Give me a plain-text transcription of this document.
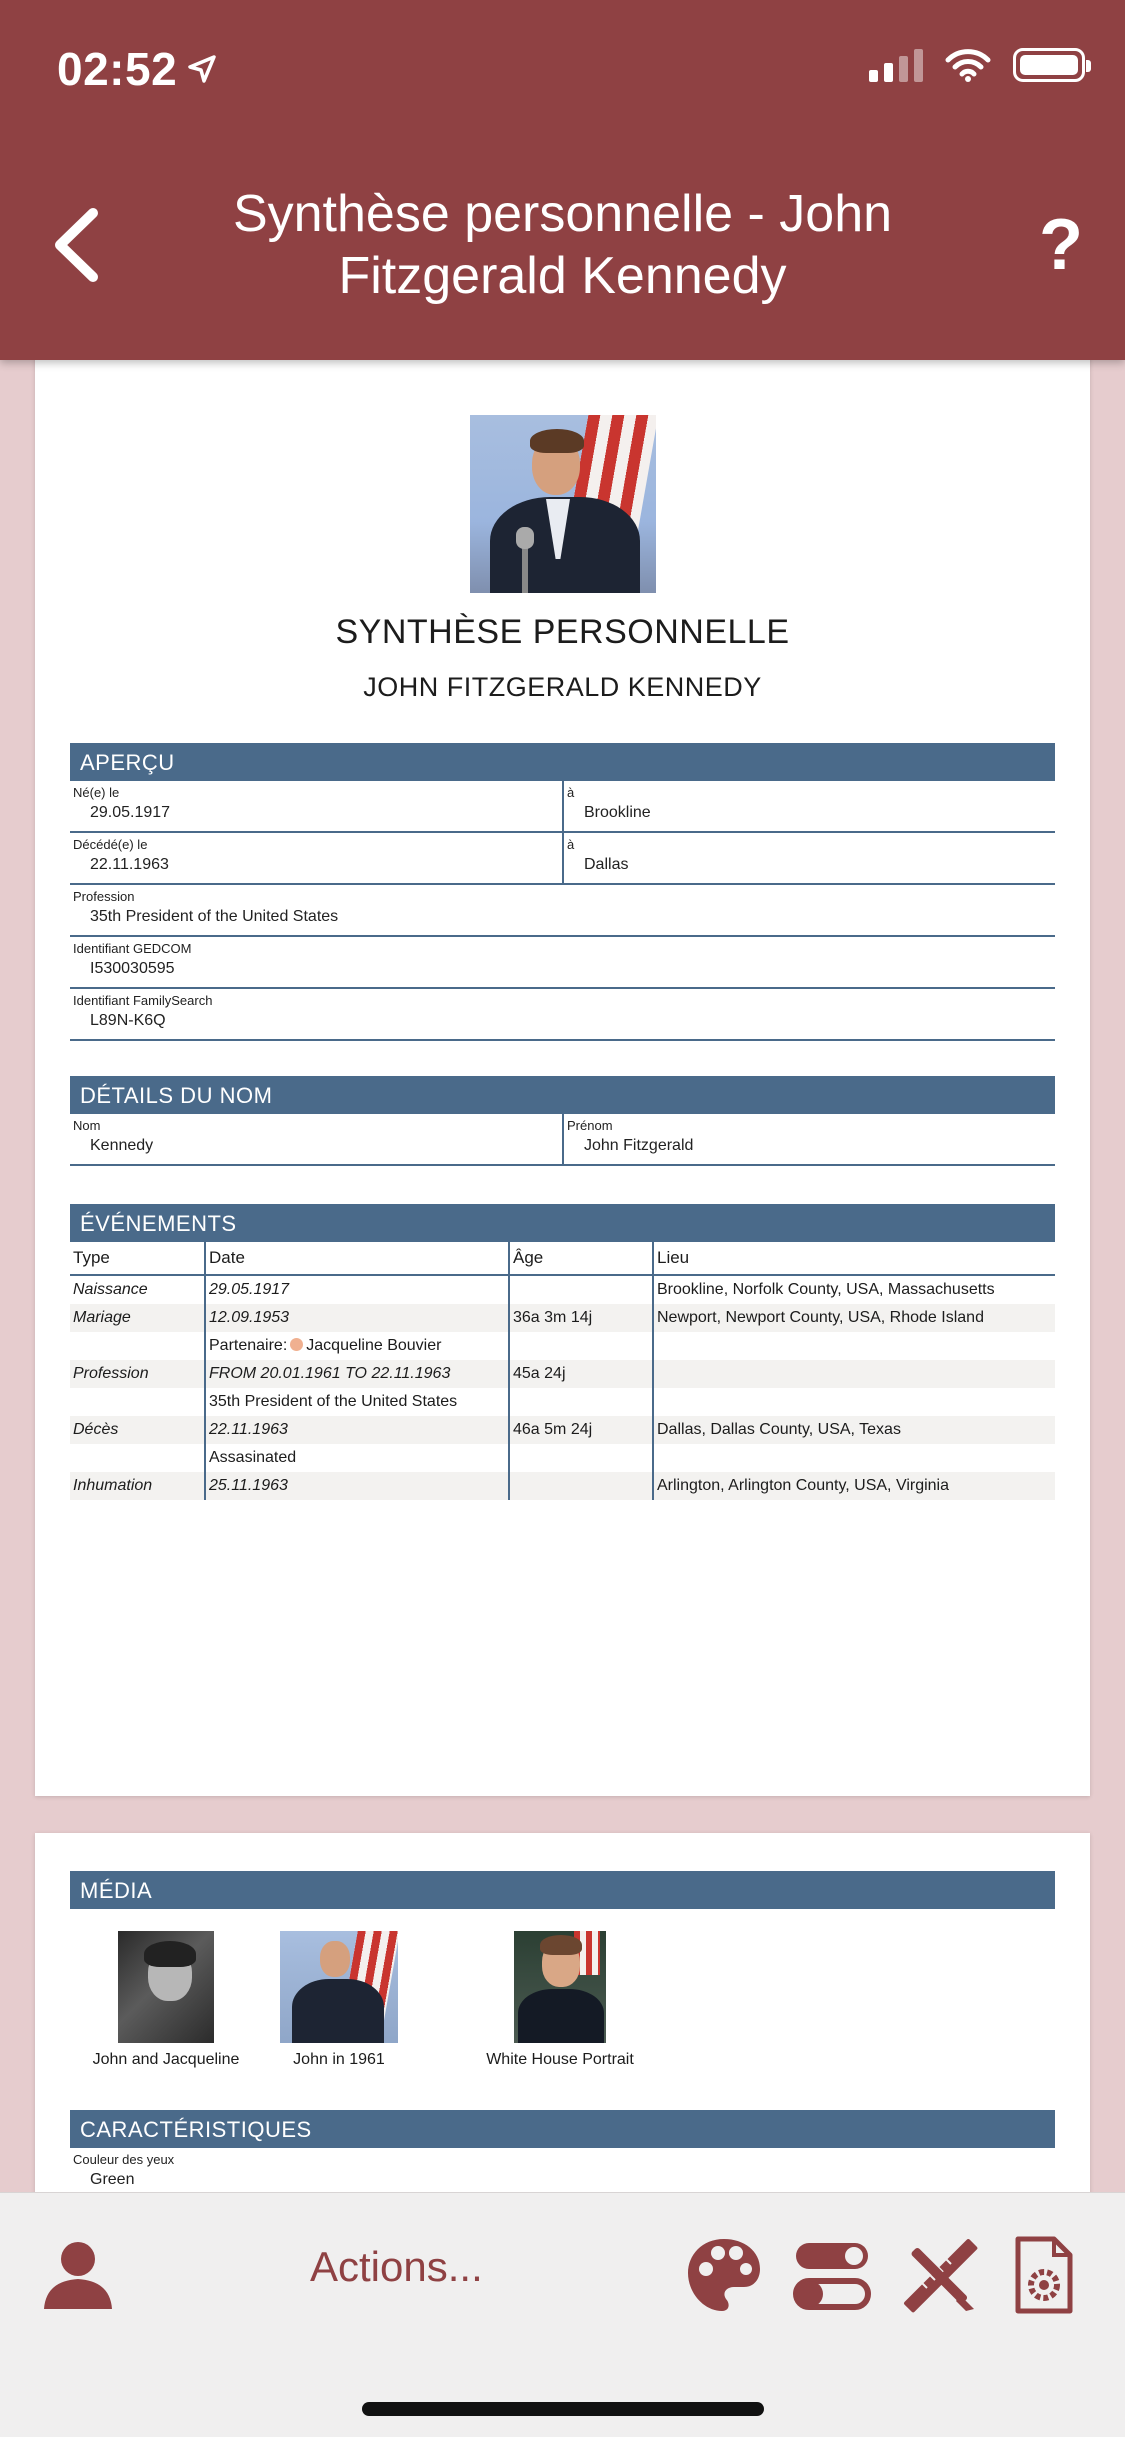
02:52
Synthèse personnelle - John Fitzgerald Kennedy	?
SYNTHÈSE PERSONNELLE
JOHN FITZGERALD KENNEDY
APERÇU
Né(e) le
29.05.1917
à
Brookline
Décédé(e) le
22.11.1963
à
Dallas
Profession
35th President of the United States
Identifiant GEDCOM
I530030595
Identifiant FamilySearch
L89N-K6Q
DÉTAILS DU NOM
Nom
Kennedy
Prénom
John Fitzgerald
ÉVÉNEMENTS
Type	Date	Âge	Lieu
Naissance	29.05.1917		Brookline, Norfolk County, USA, Massachusetts
Mariage	12.09.1953	36a 3m 14j	Newport, Newport County, USA, Rhode Island
	Partenaire: Jacqueline Bouvier		
Profession	FROM 20.01.1961 TO 22.11.1963	45a 24j	
	35th President of the United States		
Décès	22.11.1963	46a 5m 24j	Dallas, Dallas County, USA, Texas
	Assasinated		
Inhumation	25.11.1963		Arlington, Arlington County, USA, Virginia
MÉDIA
John and Jacqueline	John in 1961	White House Portrait
CARACTÉRISTIQUES
Couleur des yeux
Green
Actions...
